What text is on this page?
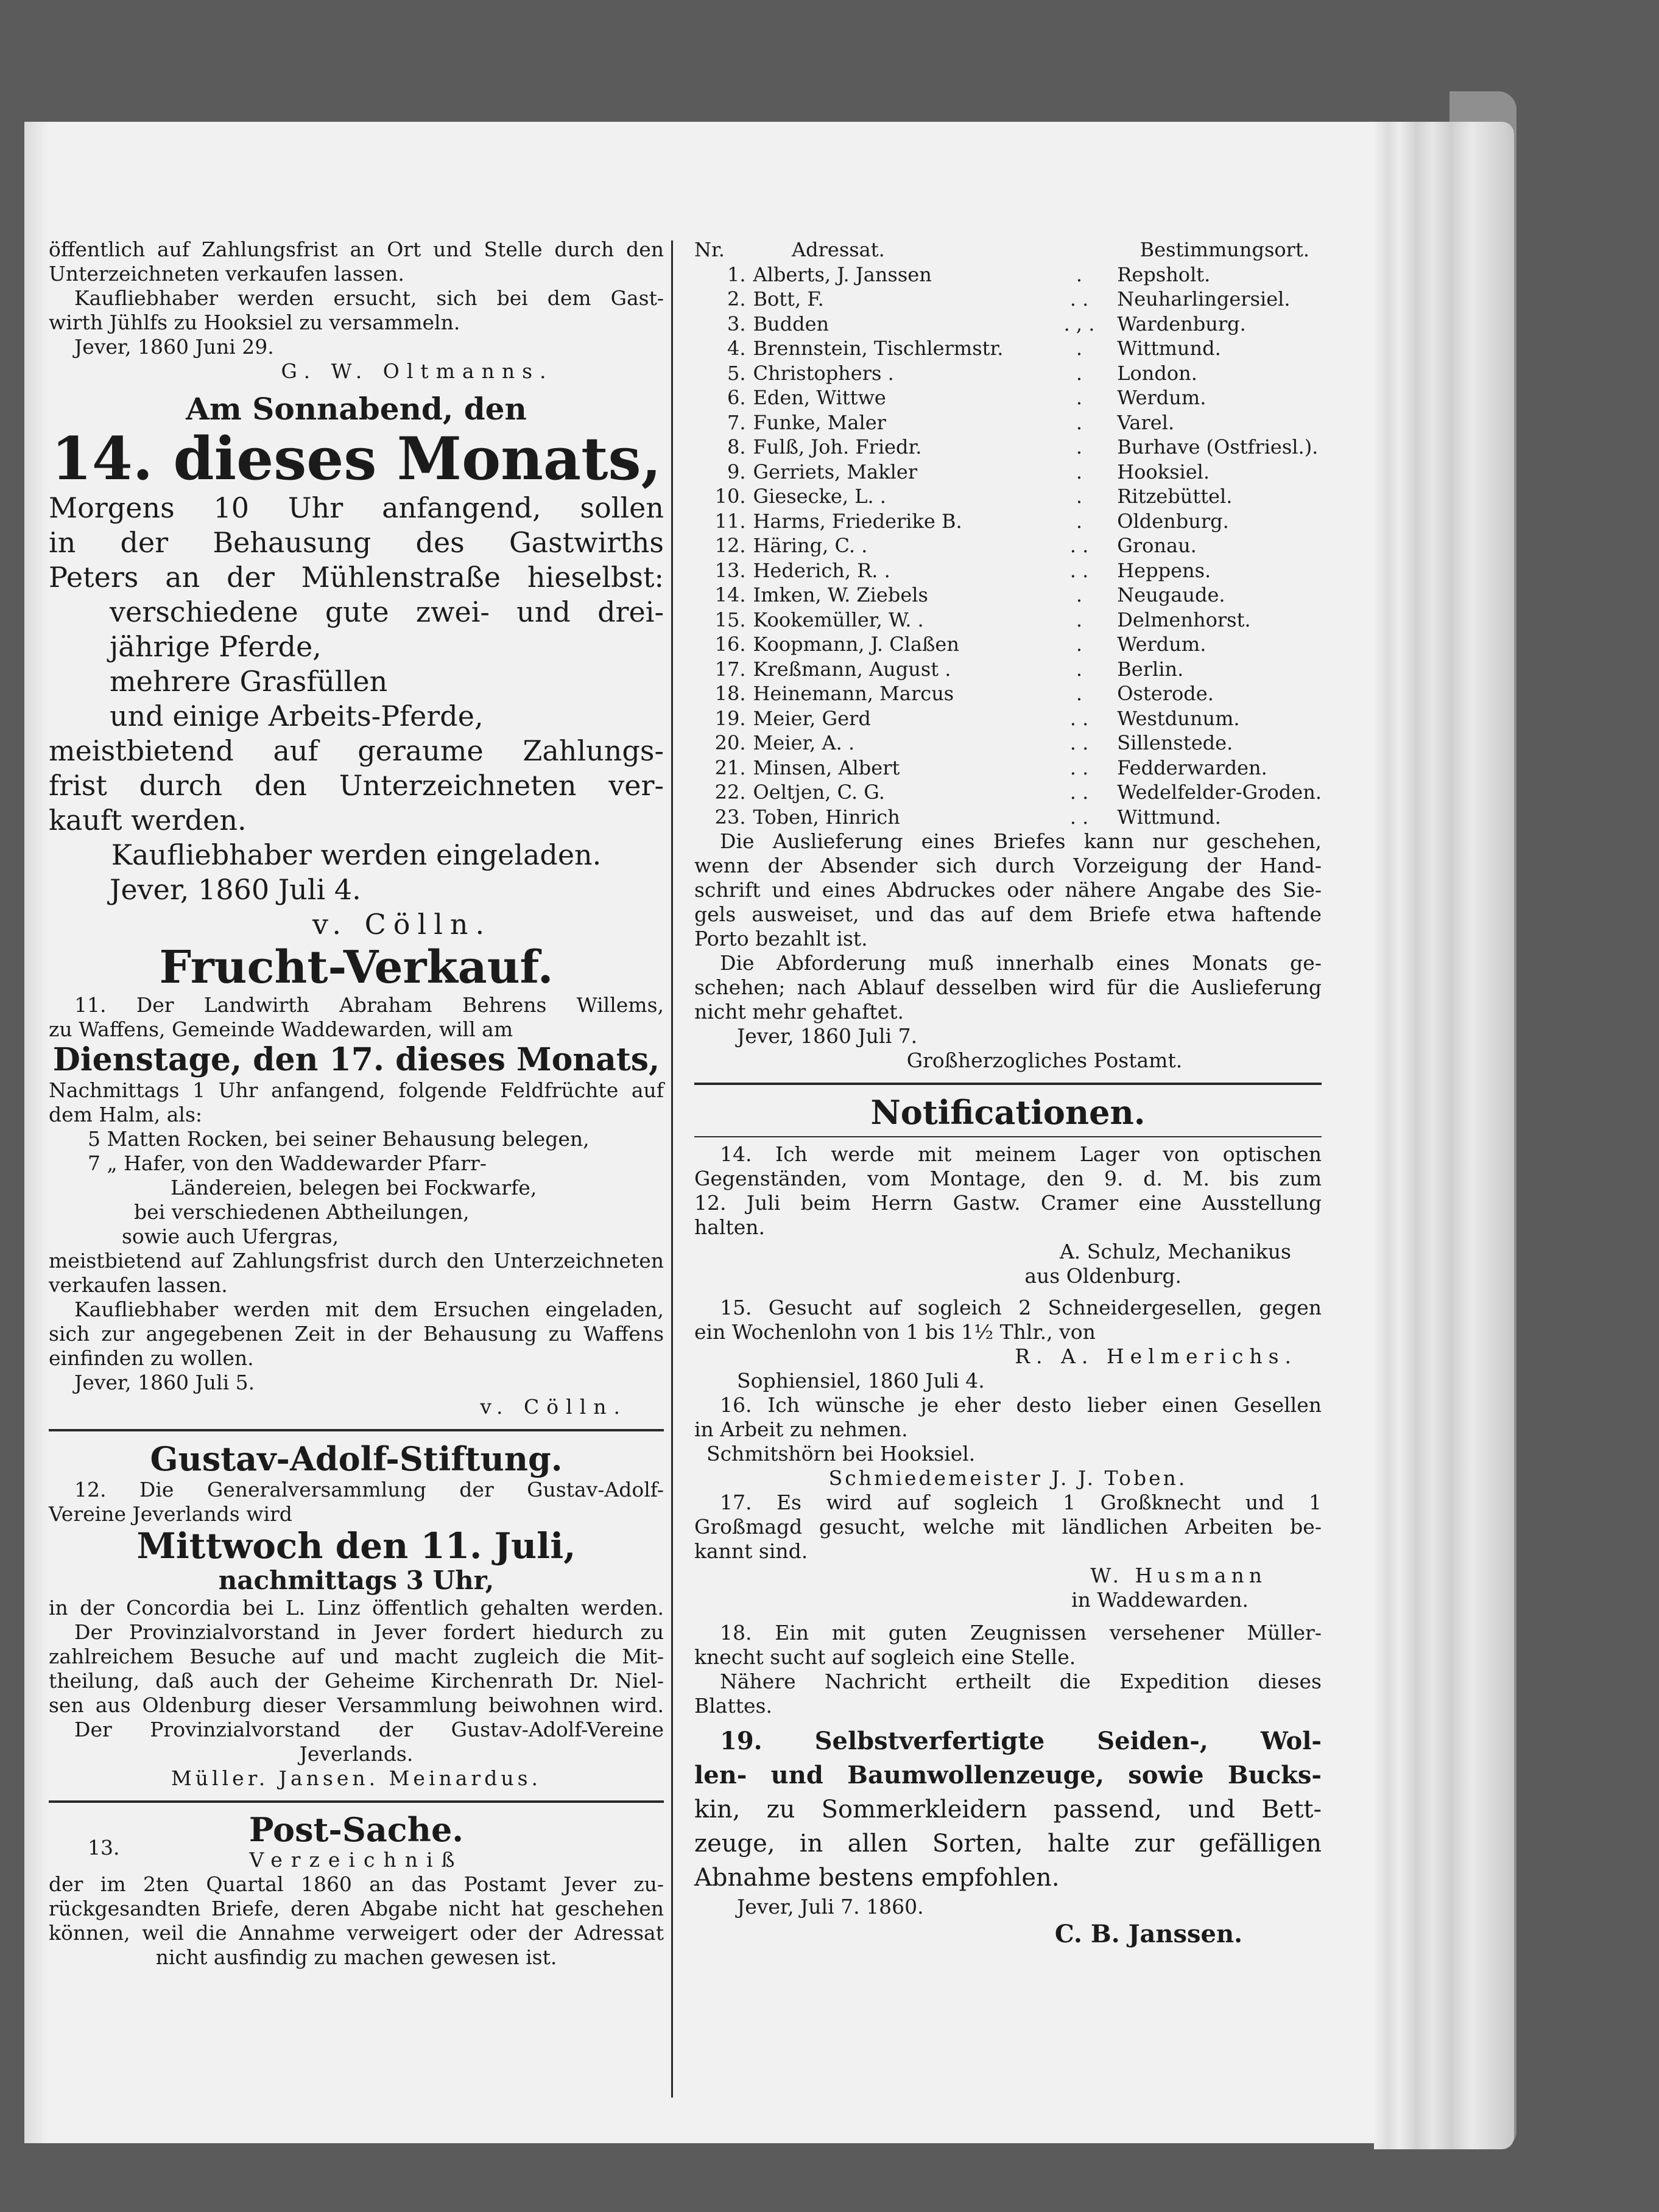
öffentlich auf Zahlungsfrist an Ort und Stelle durch den

Unterzeichneten verkaufen lassen.

Kaufliebhaber werden ersucht, sich bei dem Gast-

wirth Jühlfs zu Hooksiel zu versammeln.

Jever, 1860 Juni 29.

G. W. Oltmanns.

Am Sonnabend, den

14. dieses Monats,

Morgens 10 Uhr anfangend, sollen

in der Behausung des Gastwirths

Peters an der Mühlenstraße hieselbst:

verschiedene gute zwei- und drei-

jährige Pferde,

mehrere Grasfüllen

und einige Arbeits-Pferde,

meistbietend auf geraume Zahlungs-

frist durch den Unterzeichneten ver-

kauft werden.

Kaufliebhaber werden eingeladen.

Jever, 1860 Juli 4.

v. Cölln.

Frucht-Verkauf.

11. Der Landwirth Abraham Behrens Willems,

zu Waffens, Gemeinde Waddewarden, will am

Dienstage, den 17. dieses Monats,

Nachmittags 1 Uhr anfangend, folgende Feldfrüchte auf

dem Halm, als:

5 Matten Rocken, bei seiner Behausung belegen,

7 „ Hafer, von den Waddewarder Pfarr-

Ländereien, belegen bei Fockwarfe,

bei verschiedenen Abtheilungen,

sowie auch Ufergras,

meistbietend auf Zahlungsfrist durch den Unterzeichneten

verkaufen lassen.

Kaufliebhaber werden mit dem Ersuchen eingeladen,

sich zur angegebenen Zeit in der Behausung zu Waffens

einfinden zu wollen.

Jever, 1860 Juli 5.

v. Cölln.

Gustav-Adolf-Stiftung.

12. Die Generalversammlung der Gustav-Adolf-

Vereine Jeverlands wird

Mittwoch den 11. Juli,

nachmittags 3 Uhr,

in der Concordia bei L. Linz öffentlich gehalten werden.

Der Provinzialvorstand in Jever fordert hiedurch zu

zahlreichem Besuche auf und macht zugleich die Mit-

theilung, daß auch der Geheime Kirchenrath Dr. Niel-

sen aus Oldenburg dieser Versammlung beiwohnen wird.

Der Provinzialvorstand der Gustav-Adolf-Vereine

Jeverlands.

Müller. Jansen. Meinardus.

Post-Sache.

13.

Verzeichniß

der im 2ten Quartal 1860 an das Postamt Jever zu-

rückgesandten Briefe, deren Abgabe nicht hat geschehen

können, weil die Annahme verweigert oder der Adressat

nicht ausfindig zu machen gewesen ist.

Nr.	Adressat.	Bestimmungsort.
1.	Alberts, J. Janssen	.	Repsholt.
2.	Bott, F.	. .	Neuharlingersiel.
3.	Budden	. , .	Wardenburg.
4.	Brennstein, Tischlermstr.	.	Wittmund.
5.	Christophers .	.	London.
6.	Eden, Wittwe	.	Werdum.
7.	Funke, Maler	.	Varel.
8.	Fulß, Joh. Friedr.	.	Burhave (Ostfriesl.).
9.	Gerriets, Makler	.	Hooksiel.
10.	Giesecke, L. .	.	Ritzebüttel.
11.	Harms, Friederike B.	.	Oldenburg.
12.	Häring, C. .	. .	Gronau.
13.	Hederich, R. .	. .	Heppens.
14.	Imken, W. Ziebels	.	Neugaude.
15.	Kookemüller, W. .	.	Delmenhorst.
16.	Koopmann, J. Claßen	.	Werdum.
17.	Kreßmann, August .	.	Berlin.
18.	Heinemann, Marcus	.	Osterode.
19.	Meier, Gerd	. .	Westdunum.
20.	Meier, A. .	. .	Sillenstede.
21.	Minsen, Albert	. .	Fedderwarden.
22.	Oeltjen, C. G.	. .	Wedelfelder-Groden.
23.	Toben, Hinrich	. .	Wittmund.

Die Auslieferung eines Briefes kann nur geschehen,

wenn der Absender sich durch Vorzeigung der Hand-

schrift und eines Abdruckes oder nähere Angabe des Sie-

gels ausweiset, und das auf dem Briefe etwa haftende

Porto bezahlt ist.

Die Abforderung muß innerhalb eines Monats ge-

schehen; nach Ablauf desselben wird für die Auslieferung

nicht mehr gehaftet.

Jever, 1860 Juli 7.

Großherzogliches Postamt.

Notificationen.

14. Ich werde mit meinem Lager von optischen

Gegenständen, vom Montage, den 9. d. M. bis zum

12. Juli beim Herrn Gastw. Cramer eine Ausstellung

halten.

A. Schulz, Mechanikus

aus Oldenburg.

15. Gesucht auf sogleich 2 Schneidergesellen, gegen

ein Wochenlohn von 1 bis 1½ Thlr., von

R. A. Helmerichs.

Sophiensiel, 1860 Juli 4.

16. Ich wünsche je eher desto lieber einen Gesellen

in Arbeit zu nehmen.

Schmitshörn bei Hooksiel.

Schmiedemeister J. J. Toben.

17. Es wird auf sogleich 1 Großknecht und 1

Großmagd gesucht, welche mit ländlichen Arbeiten be-

kannt sind.

W. Husmann

in Waddewarden.

18. Ein mit guten Zeugnissen versehener Müller-

knecht sucht auf sogleich eine Stelle.

Nähere Nachricht ertheilt die Expedition dieses

Blattes.

19. Selbstverfertigte Seiden-, Wol-

len- und Baumwollenzeuge, sowie Bucks-

kin, zu Sommerkleidern passend, und Bett-

zeuge, in allen Sorten, halte zur gefälligen

Abnahme bestens empfohlen.

Jever, Juli 7. 1860.

C. B. Janssen.
